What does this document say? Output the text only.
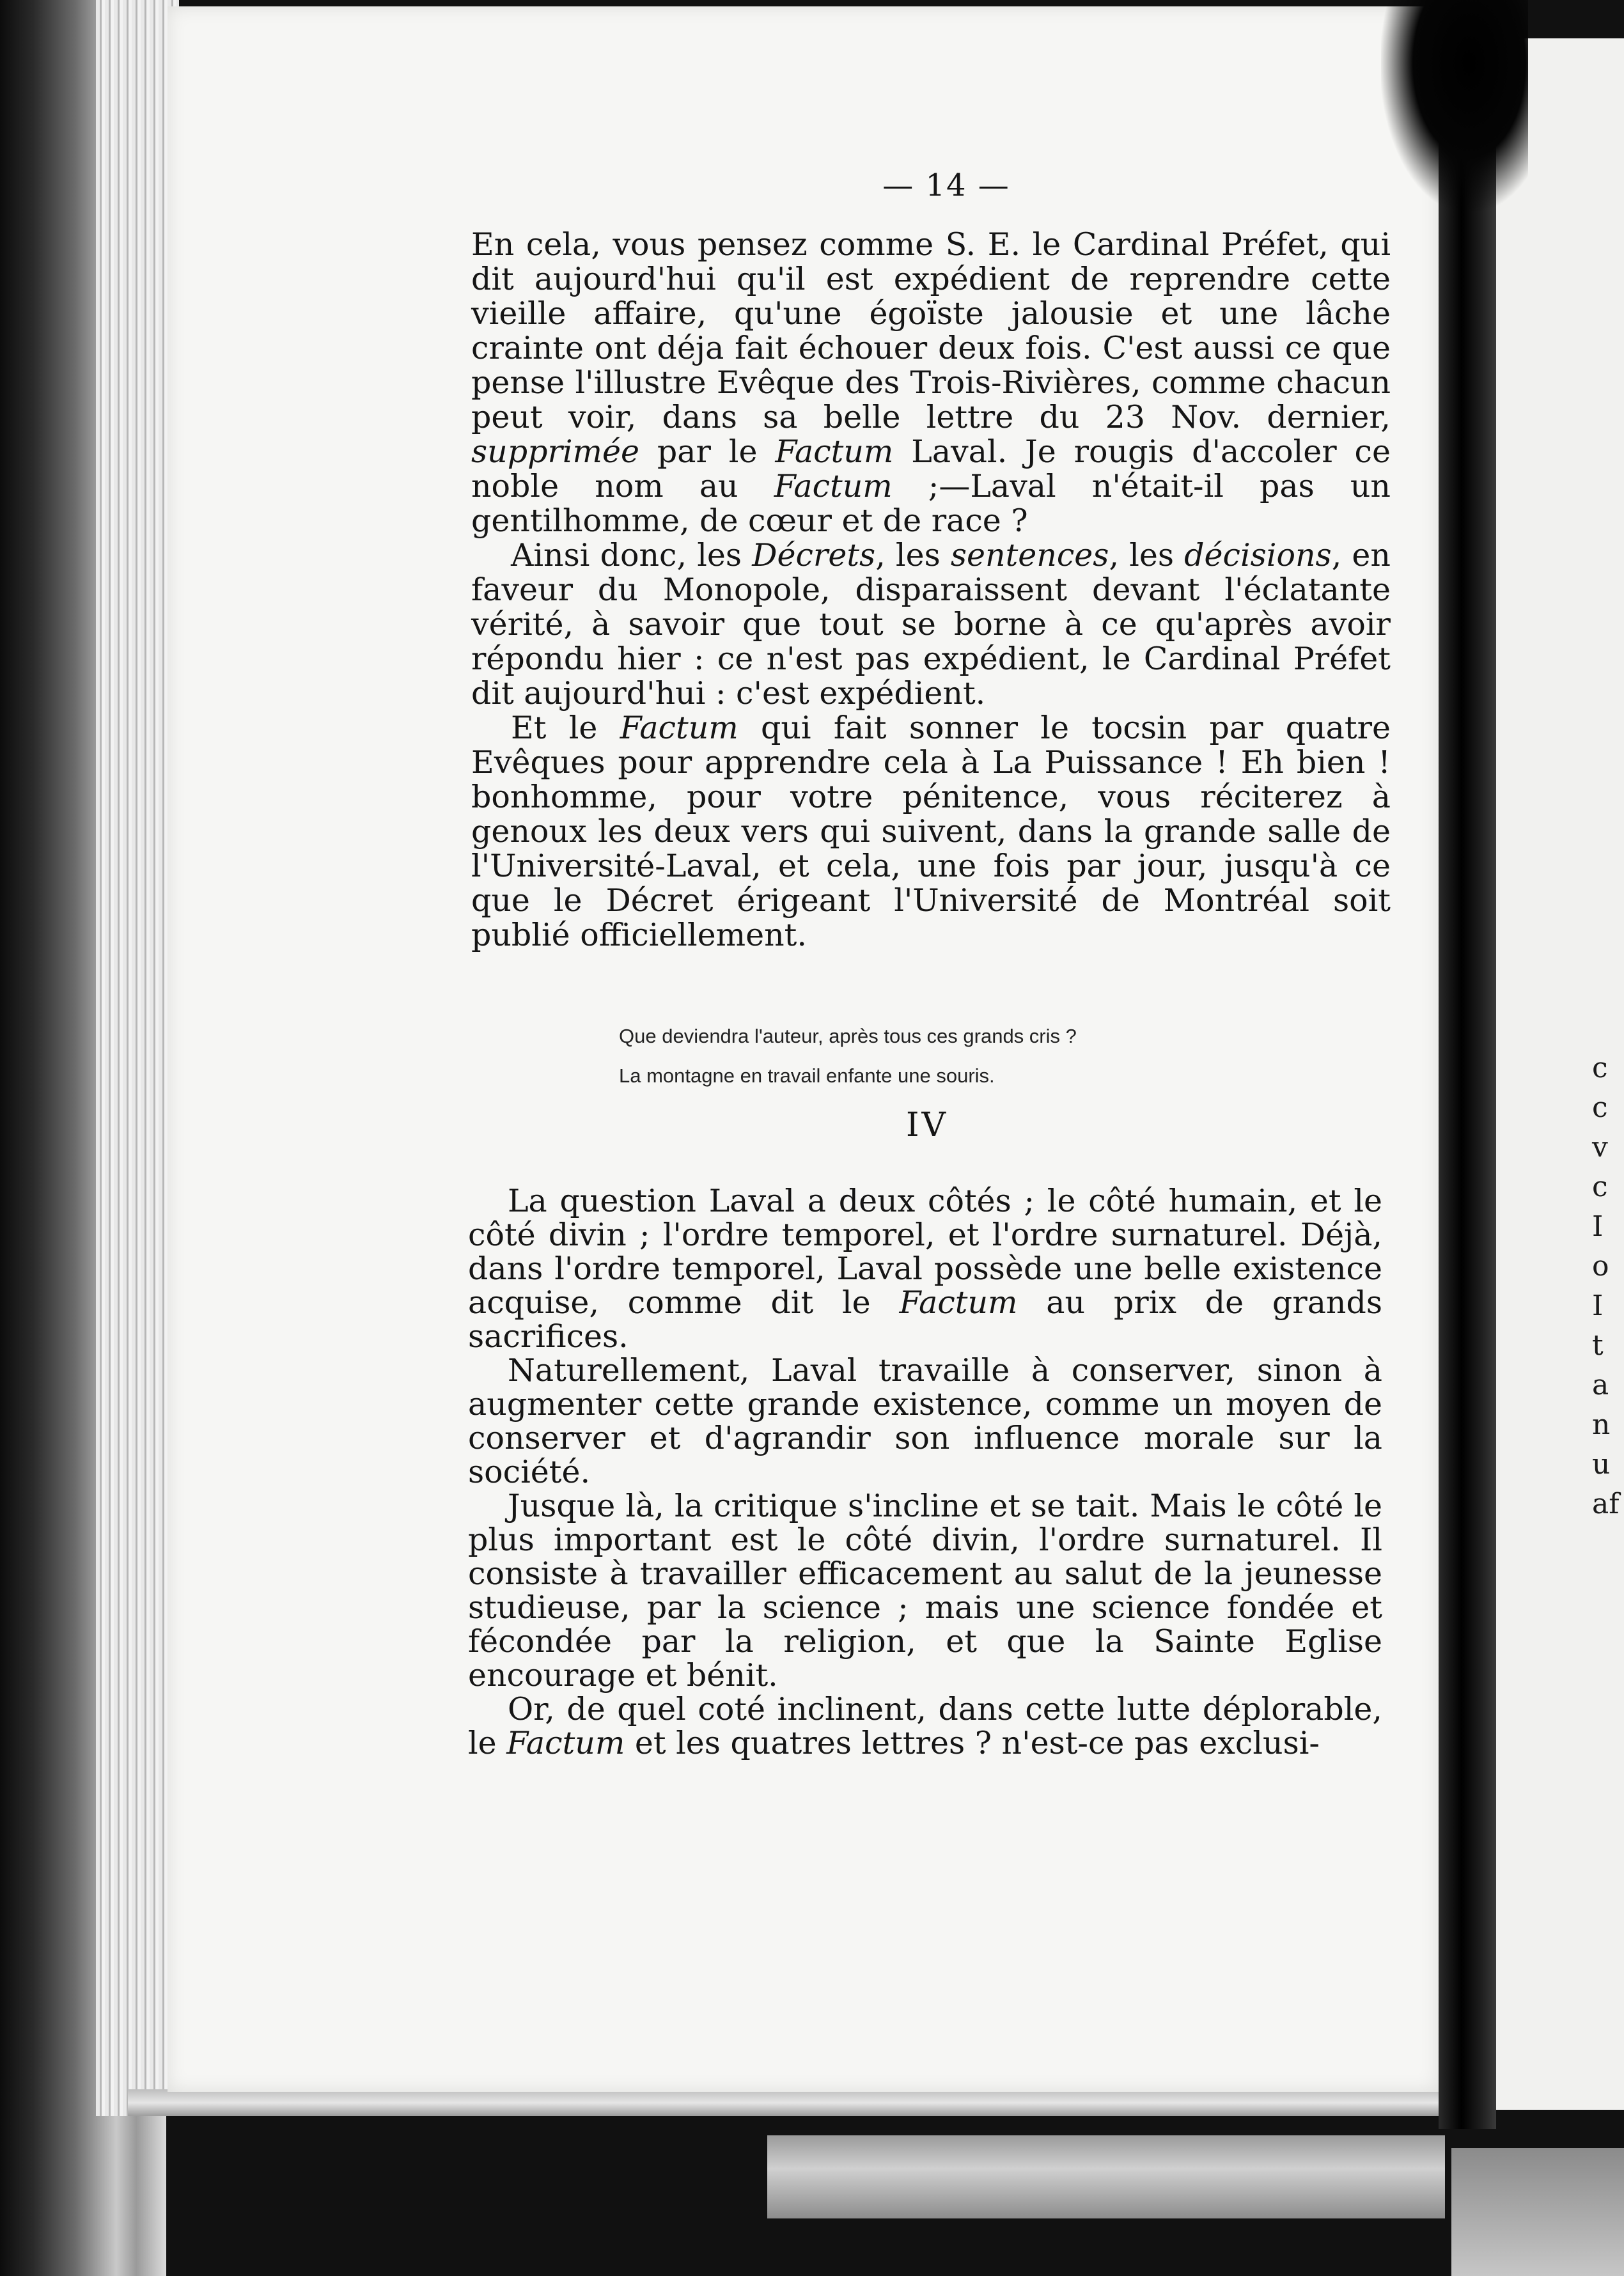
c
c
v
c
I
o
I
t
a
n
u
af
— 14 —

En cela, vous pensez comme S. E. le Cardinal Préfet, qui dit aujourd'hui qu'il est expédient de reprendre cette vieille affaire, qu'une égoïste jalousie et une lâche crainte ont déja fait échouer deux fois. C'est aussi ce que pense l'illustre Evêque des Trois-Rivières, comme chacun peut voir, dans sa belle lettre du 23 Nov. dernier, supprimée par le Factum Laval. Je rougis d'accoler ce noble nom au Factum ;—Laval n'était-il pas un gentilhomme, de cœur et de race ?

Ainsi donc, les Décrets, les sentences, les décisions, en faveur du Monopole, disparaissent devant l'éclatante vérité, à savoir que tout se borne à ce qu'après avoir répondu hier : ce n'est pas expédient, le Cardinal Préfet dit aujourd'hui : c'est expédient.

Et le Factum qui fait sonner le tocsin par quatre Evêques pour apprendre cela à La Puissance ! Eh bien ! bonhomme, pour votre pénitence, vous réciterez à genoux les deux vers qui suivent, dans la grande salle de l'Université-Laval, et cela, une fois par jour, jusqu'à ce que le Décret érigeant l'Université de Montréal soit publié officiellement.

Que deviendra l'auteur, après tous ces grands cris ?
La montagne en travail enfante une souris.
IV

La question Laval a deux côtés ; le côté humain, et le côté divin ; l'ordre temporel, et l'ordre surnaturel. Déjà, dans l'ordre temporel, Laval possède une belle existence acquise, comme dit le Factum au prix de grands sacrifices.

Naturellement, Laval travaille à conserver, sinon à augmenter cette grande existence, comme un moyen de conserver et d'agrandir son influence morale sur la société.

Jusque là, la critique s'incline et se tait. Mais le côté le plus important est le côté divin, l'ordre surnaturel. Il consiste à travailler efficacement au salut de la jeunesse studieuse, par la science ; mais une science fondée et fécondée par la religion, et que la Sainte Eglise encourage et bénit.

Or, de quel coté inclinent, dans cette lutte déplorable, le Factum et les quatres lettres ? n'est-ce pas exclusi-
